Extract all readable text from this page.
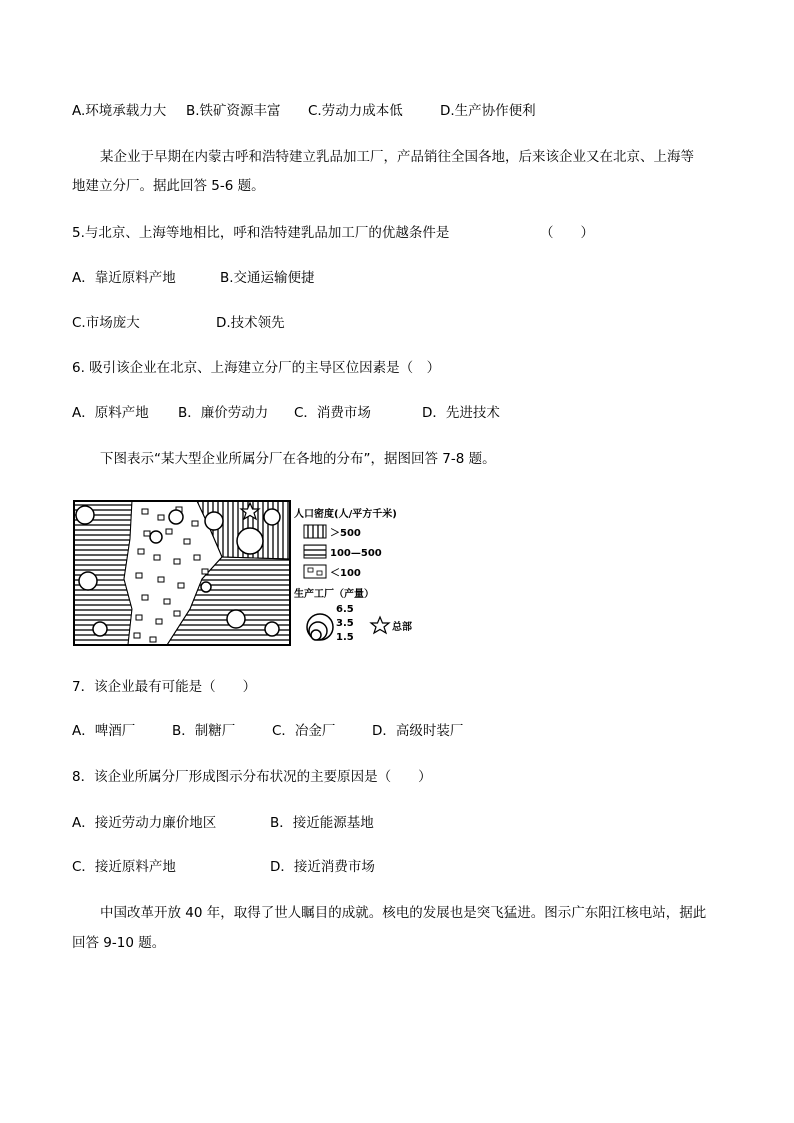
A.环境承载力大 B.铁矿资源丰富 C.劳动力成本低	D.生产协作便利
某企业于早期在内蒙古呼和浩特建立乳品加工厂，产品销往全国各地，后来该企业又在北京、上海等
地建立分厂。据此回答 5-6 题。
5.与北京、上海等地相比，呼和浩特建乳品加工厂的优越条件是	（　　）
A．靠近原料产地	B.交通运输便捷
C.市场庞大	D.技术领先
6. 吸引该企业在北京、上海建立分厂的主导区位因素是（　）
A．原料产地 B．廉价劳动力 C．消费市场	D．先进技术
下图表示“某大型企业所属分厂在各地的分布”，据图回答 7-8 题。
人口密度(人/平方千米)
＞500
100—500
＜100
生产工厂（产量）
6.5
3.5
1.5
总部
7．该企业最有可能是（　　）
A．啤酒厂	B．制糖厂	C．冶金厂	D．高级时装厂
8．该企业所属分厂形成图示分布状况的主要原因是（　　）
A．接近劳动力廉价地区	B．接近能源基地
C．接近原料产地	D．接近消费市场
中国改革开放 40 年，取得了世人瞩目的成就。核电的发展也是突飞猛进。图示广东阳江核电站，据此
回答 9-10 题。
